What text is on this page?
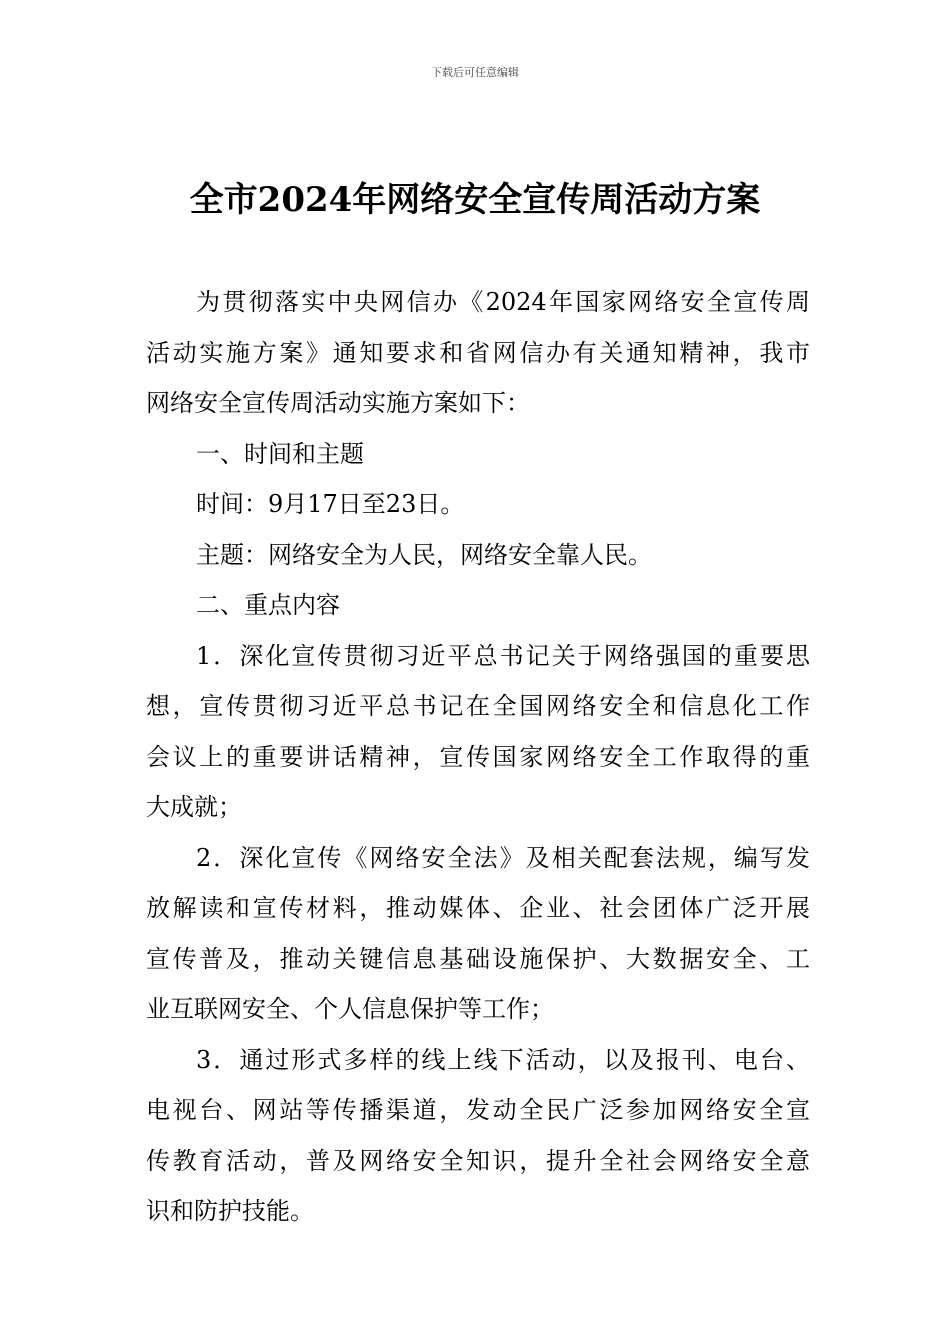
下载后可任意编辑
全市2024年网络安全宣传周活动方案
为贯彻落实中央网信办《2024年国家网络安全宣传周
活动实施方案》通知要求和省网信办有关通知精神，我市
网络安全宣传周活动实施方案如下：
一、时间和主题
时间：9月17日至23日。
主题：网络安全为人民，网络安全靠人民。
二、重点内容
1．深化宣传贯彻习近平总书记关于网络强国的重要思
想，宣传贯彻习近平总书记在全国网络安全和信息化工作
会议上的重要讲话精神，宣传国家网络安全工作取得的重
大成就；
2．深化宣传《网络安全法》及相关配套法规，编写发
放解读和宣传材料，推动媒体、企业、社会团体广泛开展
宣传普及，推动关键信息基础设施保护、大数据安全、工
业互联网安全、个人信息保护等工作；
3．通过形式多样的线上线下活动，以及报刊、电台、
电视台、网站等传播渠道，发动全民广泛参加网络安全宣
传教育活动，普及网络安全知识，提升全社会网络安全意
识和防护技能。
